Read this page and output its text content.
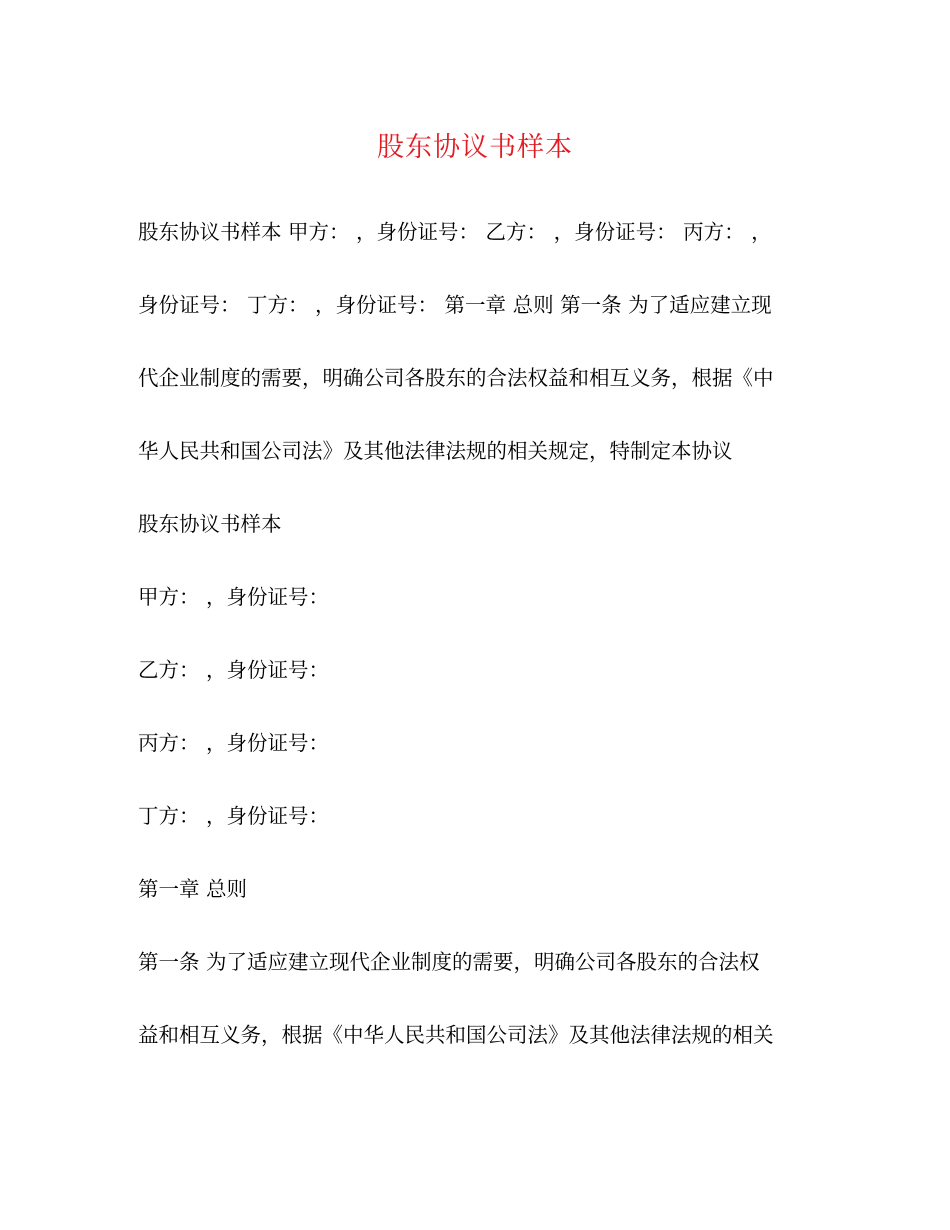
股东协议书样本
股东协议书样本 甲方： ，身份证号： 乙方： ，身份证号： 丙方： ，
身份证号： 丁方： ，身份证号： 第一章 总则 第一条 为了适应建立现
代企业制度的需要，明确公司各股东的合法权益和相互义务，根据《中
华人民共和国公司法》及其他法律法规的相关规定，特制定本协议
股东协议书样本
甲方： ，身份证号：
乙方： ，身份证号：
丙方： ，身份证号：
丁方： ，身份证号：
第一章 总则
第一条 为了适应建立现代企业制度的需要，明确公司各股东的合法权
益和相互义务，根据《中华人民共和国公司法》及其他法律法规的相关
